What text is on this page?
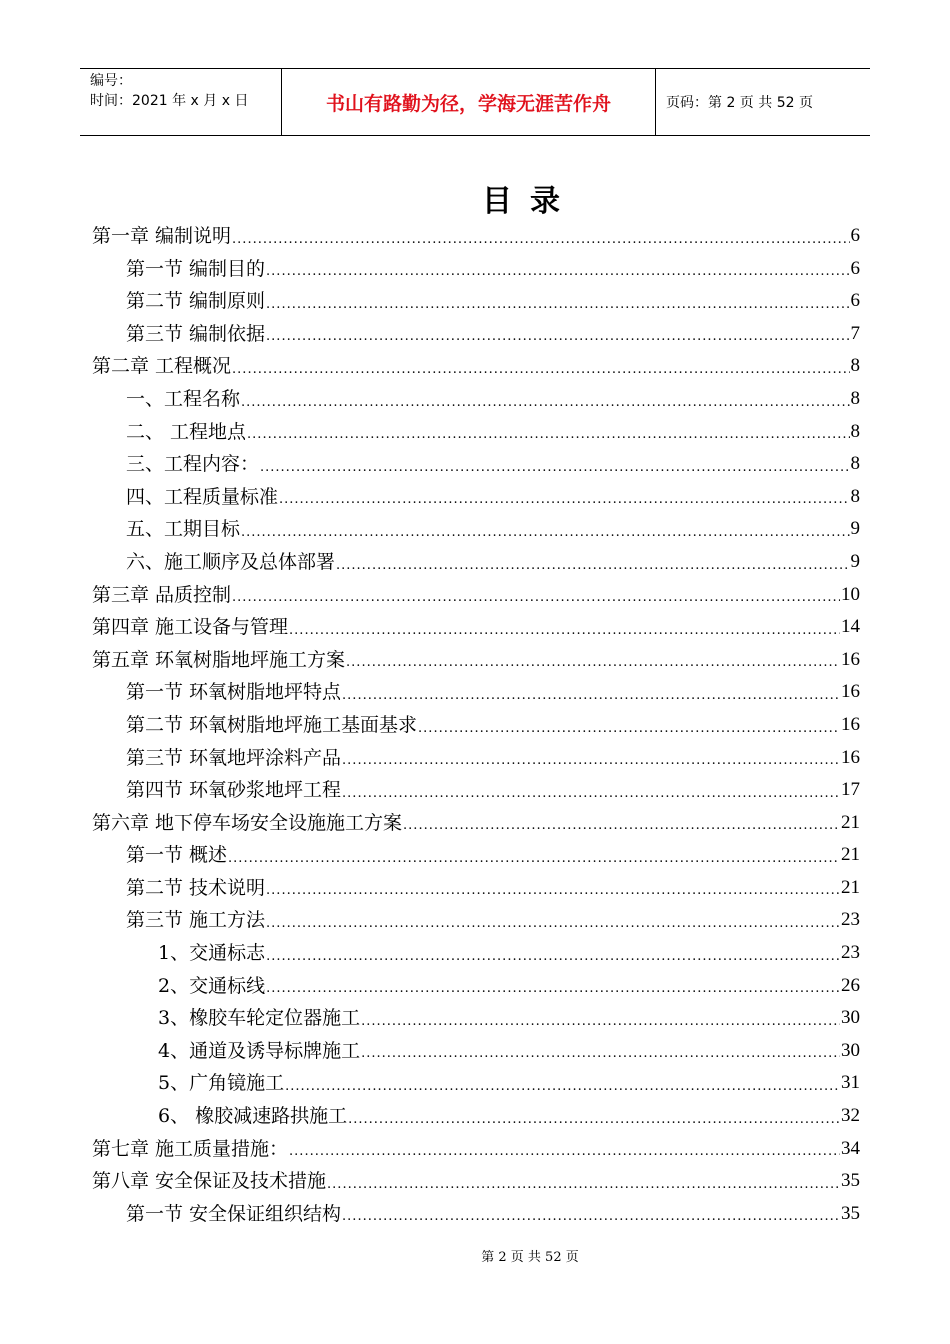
编号：
时间：2021 年 x 月 x 日	书山有路勤为径，学海无涯苦作舟	页码：第 2 页 共 52 页
目录
第一章 编制说明 .....	6
第一节 编制目的 .....	6
第二节 编制原则 .....	6
第三节 编制依据 .....	7
第二章 工程概况 .....	8
一、工程名称 .....	8
二、 工程地点 .....	8
三、工程内容： .....	8
四、工程质量标准 .....	8
五、工期目标 .....	9
六、施工顺序及总体部署 .....	9
第三章 品质控制 .....	10
第四章 施工设备与管理 .....	14
第五章 环氧树脂地坪施工方案 .....	16
第一节 环氧树脂地坪特点 .....	16
第二节 环氧树脂地坪施工基面基求 .....	16
第三节 环氧地坪涂料产品 .....	16
第四节 环氧砂浆地坪工程 .....	17
第六章 地下停车场安全设施施工方案 .....	21
第一节 概述 .....	21
第二节 技术说明 .....	21
第三节 施工方法 .....	23
1、交通标志 .....	23
2、交通标线 .....	26
3、橡胶车轮定位器施工 .....	30
4、通道及诱导标牌施工 .....	30
5、广角镜施工 .....	31
6、 橡胶减速路拱施工 .....	32
第七章 施工质量措施： .....	34
第八章 安全保证及技术措施 .....	35
第一节 安全保证组织结构 .....	35
第 2 页 共 52 页
